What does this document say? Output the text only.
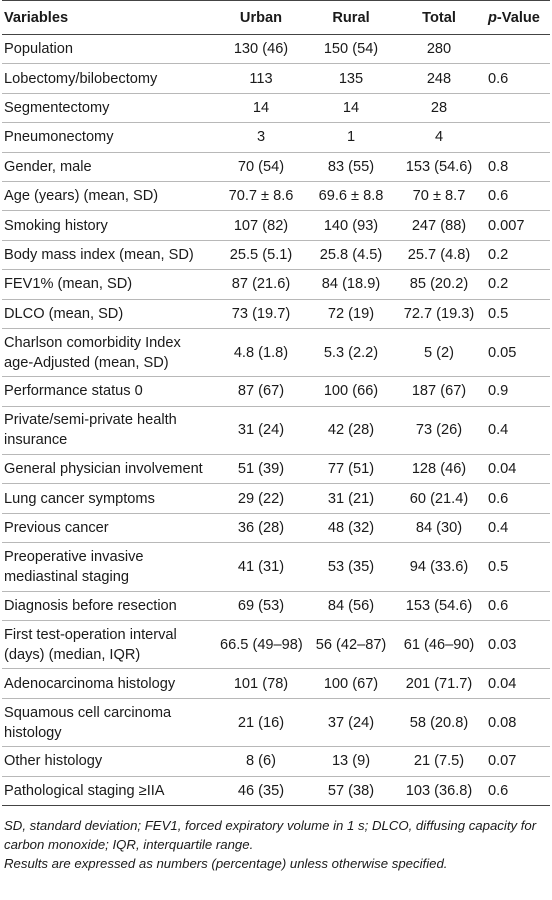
Variables	Urban	Rural	Total	p-Value
Population	130 (46)	150 (54)	280	
Lobectomy/bilobectomy	113	135	248	0.6
Segmentectomy	14	14	28	
Pneumonectomy	3	1	4	
Gender, male	70 (54)	83 (55)	153 (54.6)	0.8
Age (years) (mean, SD)	70.7 ± 8.6	69.6 ± 8.8	70 ± 8.7	0.6
Smoking history	107 (82)	140 (93)	247 (88)	0.007
Body mass index (mean, SD)	25.5 (5.1)	25.8 (4.5)	25.7 (4.8)	0.2
FEV1% (mean, SD)	87 (21.6)	84 (18.9)	85 (20.2)	0.2
DLCO (mean, SD)	73 (19.7)	72 (19)	72.7 (19.3)	0.5
Charlson comorbidity Index age-Adjusted (mean, SD)	4.8 (1.8)	5.3 (2.2)	5 (2)	0.05
Performance status 0	87 (67)	100 (66)	187 (67)	0.9
Private/semi-private health insurance	31 (24)	42 (28)	73 (26)	0.4
General physician involvement	51 (39)	77 (51)	128 (46)	0.04
Lung cancer symptoms	29 (22)	31 (21)	60 (21.4)	0.6
Previous cancer	36 (28)	48 (32)	84 (30)	0.4
Preoperative invasive mediastinal staging	41 (31)	53 (35)	94 (33.6)	0.5
Diagnosis before resection	69 (53)	84 (56)	153 (54.6)	0.6
First test-operation interval (days) (median, IQR)	66.5 (49–98)	56 (42–87)	61 (46–90)	0.03
Adenocarcinoma histology	101 (78)	100 (67)	201 (71.7)	0.04
Squamous cell carcinoma histology	21 (16)	37 (24)	58 (20.8)	0.08
Other histology	8 (6)	13 (9)	21 (7.5)	0.07
Pathological staging ≥IIA	46 (35)	57 (38)	103 (36.8)	0.6

SD, standard deviation; FEV1, forced expiratory volume in 1 s; DLCO, diffusing capacity for carbon monoxide; IQR, interquartile range.

Results are expressed as numbers (percentage) unless otherwise specified.
